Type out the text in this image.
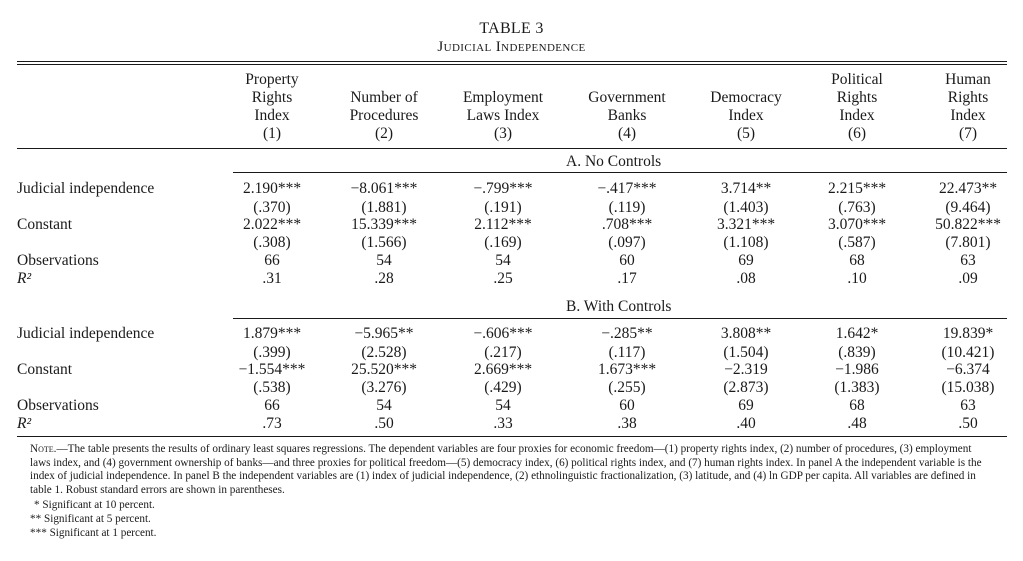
TABLE 3
Judicial Independence
Property
Rights
Index
(1)
Number of
Procedures
(2)
Employment
Laws Index
(3)
Government
Banks
(4)
Democracy
Index
(5)
Political
Rights
Index
(6)
Human
Rights
Index
(7)
A. No Controls
Judicial independence	2.190***	−8.061***	−.799***	−.417***	3.714**	2.215***	22.473**
(.370)	(1.881)	(.191)	(.119)	(1.403)	(.763)	(9.464)
Constant	2.022***	15.339***	2.112***	.708***	3.321***	3.070***	50.822***
(.308)	(1.566)	(.169)	(.097)	(1.108)	(.587)	(7.801)
Observations	66	54	54	60	69	68	63
R²	.31	.28	.25	.17	.08	.10	.09
B. With Controls
Judicial independence	1.879***	−5.965**	−.606***	−.285**	3.808**	1.642*	19.839*
(.399)	(2.528)	(.217)	(.117)	(1.504)	(.839)	(10.421)
Constant	−1.554***	25.520***	2.669***	1.673***	−2.319	−1.986	−6.374
(.538)	(3.276)	(.429)	(.255)	(2.873)	(1.383)	(15.038)
Observations	66	54	54	60	69	68	63
R²	.73	.50	.33	.38	.40	.48	.50
Note.—The table presents the results of ordinary least squares regressions. The dependent variables are four proxies for economic freedom—(1) property rights index, (2) number of procedures, (3) employment laws index, and (4) government ownership of banks—and three proxies for political freedom—(5) democracy index, (6) political rights index, and (7) human rights index. In panel A the independent variable is the index of judicial independence. In panel B the independent variables are (1) index of judicial independence, (2) ethnolinguistic fractionalization, (3) latitude, and (4) ln GDP per capita. All variables are defined in table 1. Robust standard errors are shown in parentheses.
* Significant at 10 percent.
** Significant at 5 percent.
*** Significant at 1 percent.
